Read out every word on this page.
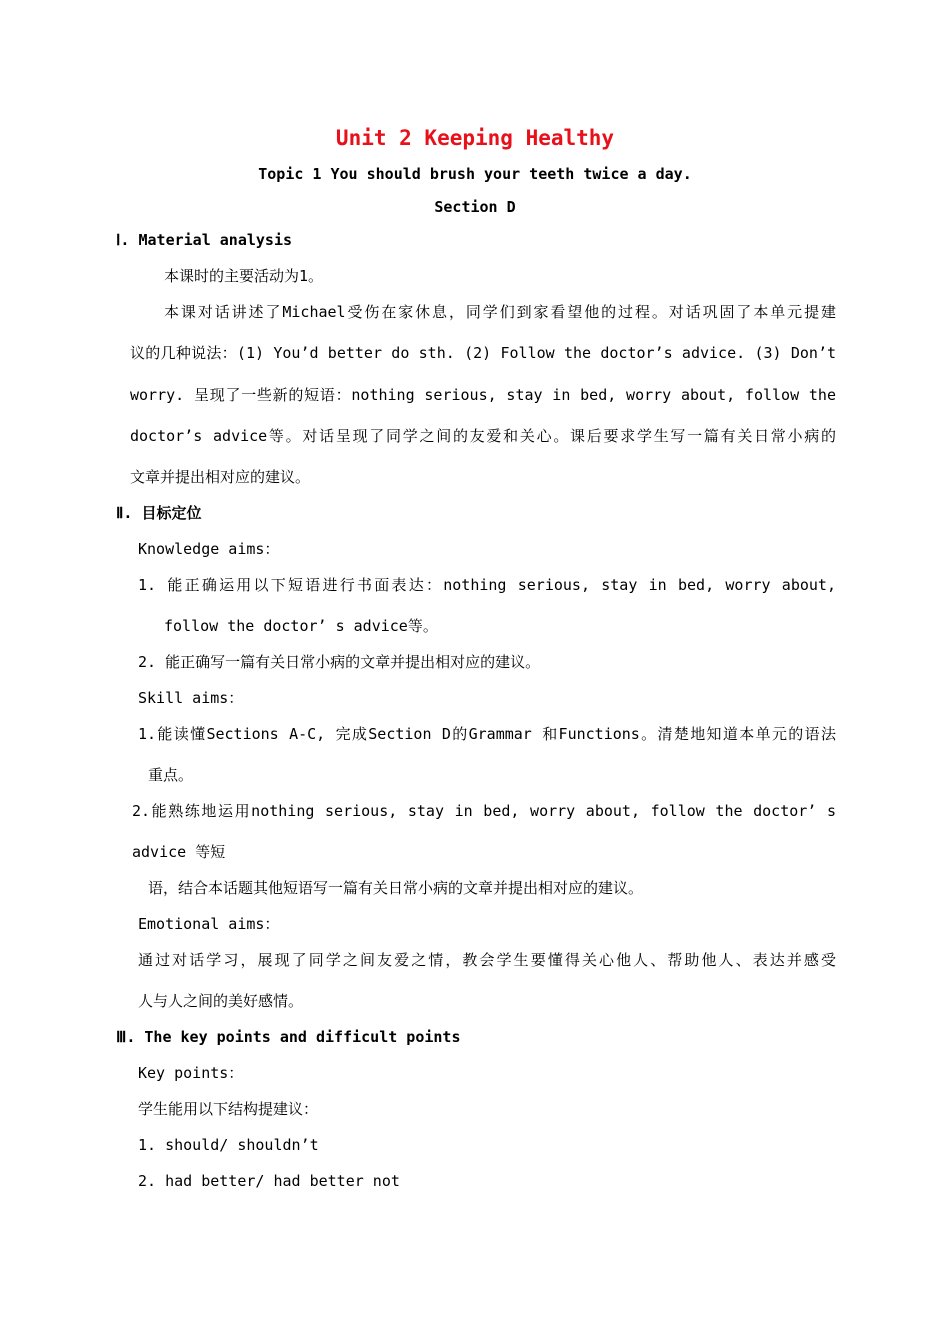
Unit 2 Keeping Healthy
Topic 1 You should brush your teeth twice a day.
Section D
Ⅰ. Material analysis
本课时的主要活动为1。
本课对话讲述了Michael受伤在家休息，同学们到家看望他的过程。对话巩固了本单元提建
议的几种说法：(1) You’d better do sth. (2) Follow the doctor’s advice. (3) Don’t
worry. 呈现了一些新的短语：nothing serious, stay in bed, worry about, follow the
doctor’s advice等。对话呈现了同学之间的友爱和关心。课后要求学生写一篇有关日常小病的
文章并提出相对应的建议。
Ⅱ. 目标定位
Knowledge aims：
1. 能正确运用以下短语进行书面表达：nothing serious, stay in bed, worry about,
follow the doctor’ s advice等。
2. 能正确写一篇有关日常小病的文章并提出相对应的建议。
Skill aims：
1.能读懂Sections A-C, 完成Section D的Grammar 和Functions。清楚地知道本单元的语法
重点。
2.能熟练地运用nothing serious, stay in bed, worry about, follow the doctor’ s
advice 等短
语，结合本话题其他短语写一篇有关日常小病的文章并提出相对应的建议。
Emotional aims：
通过对话学习，展现了同学之间友爱之情，教会学生要懂得关心他人、帮助他人、表达并感受
人与人之间的美好感情。
Ⅲ. The key points and difficult points
Key points：
学生能用以下结构提建议：
1. should/ shouldn’t
2. had better/ had better not
